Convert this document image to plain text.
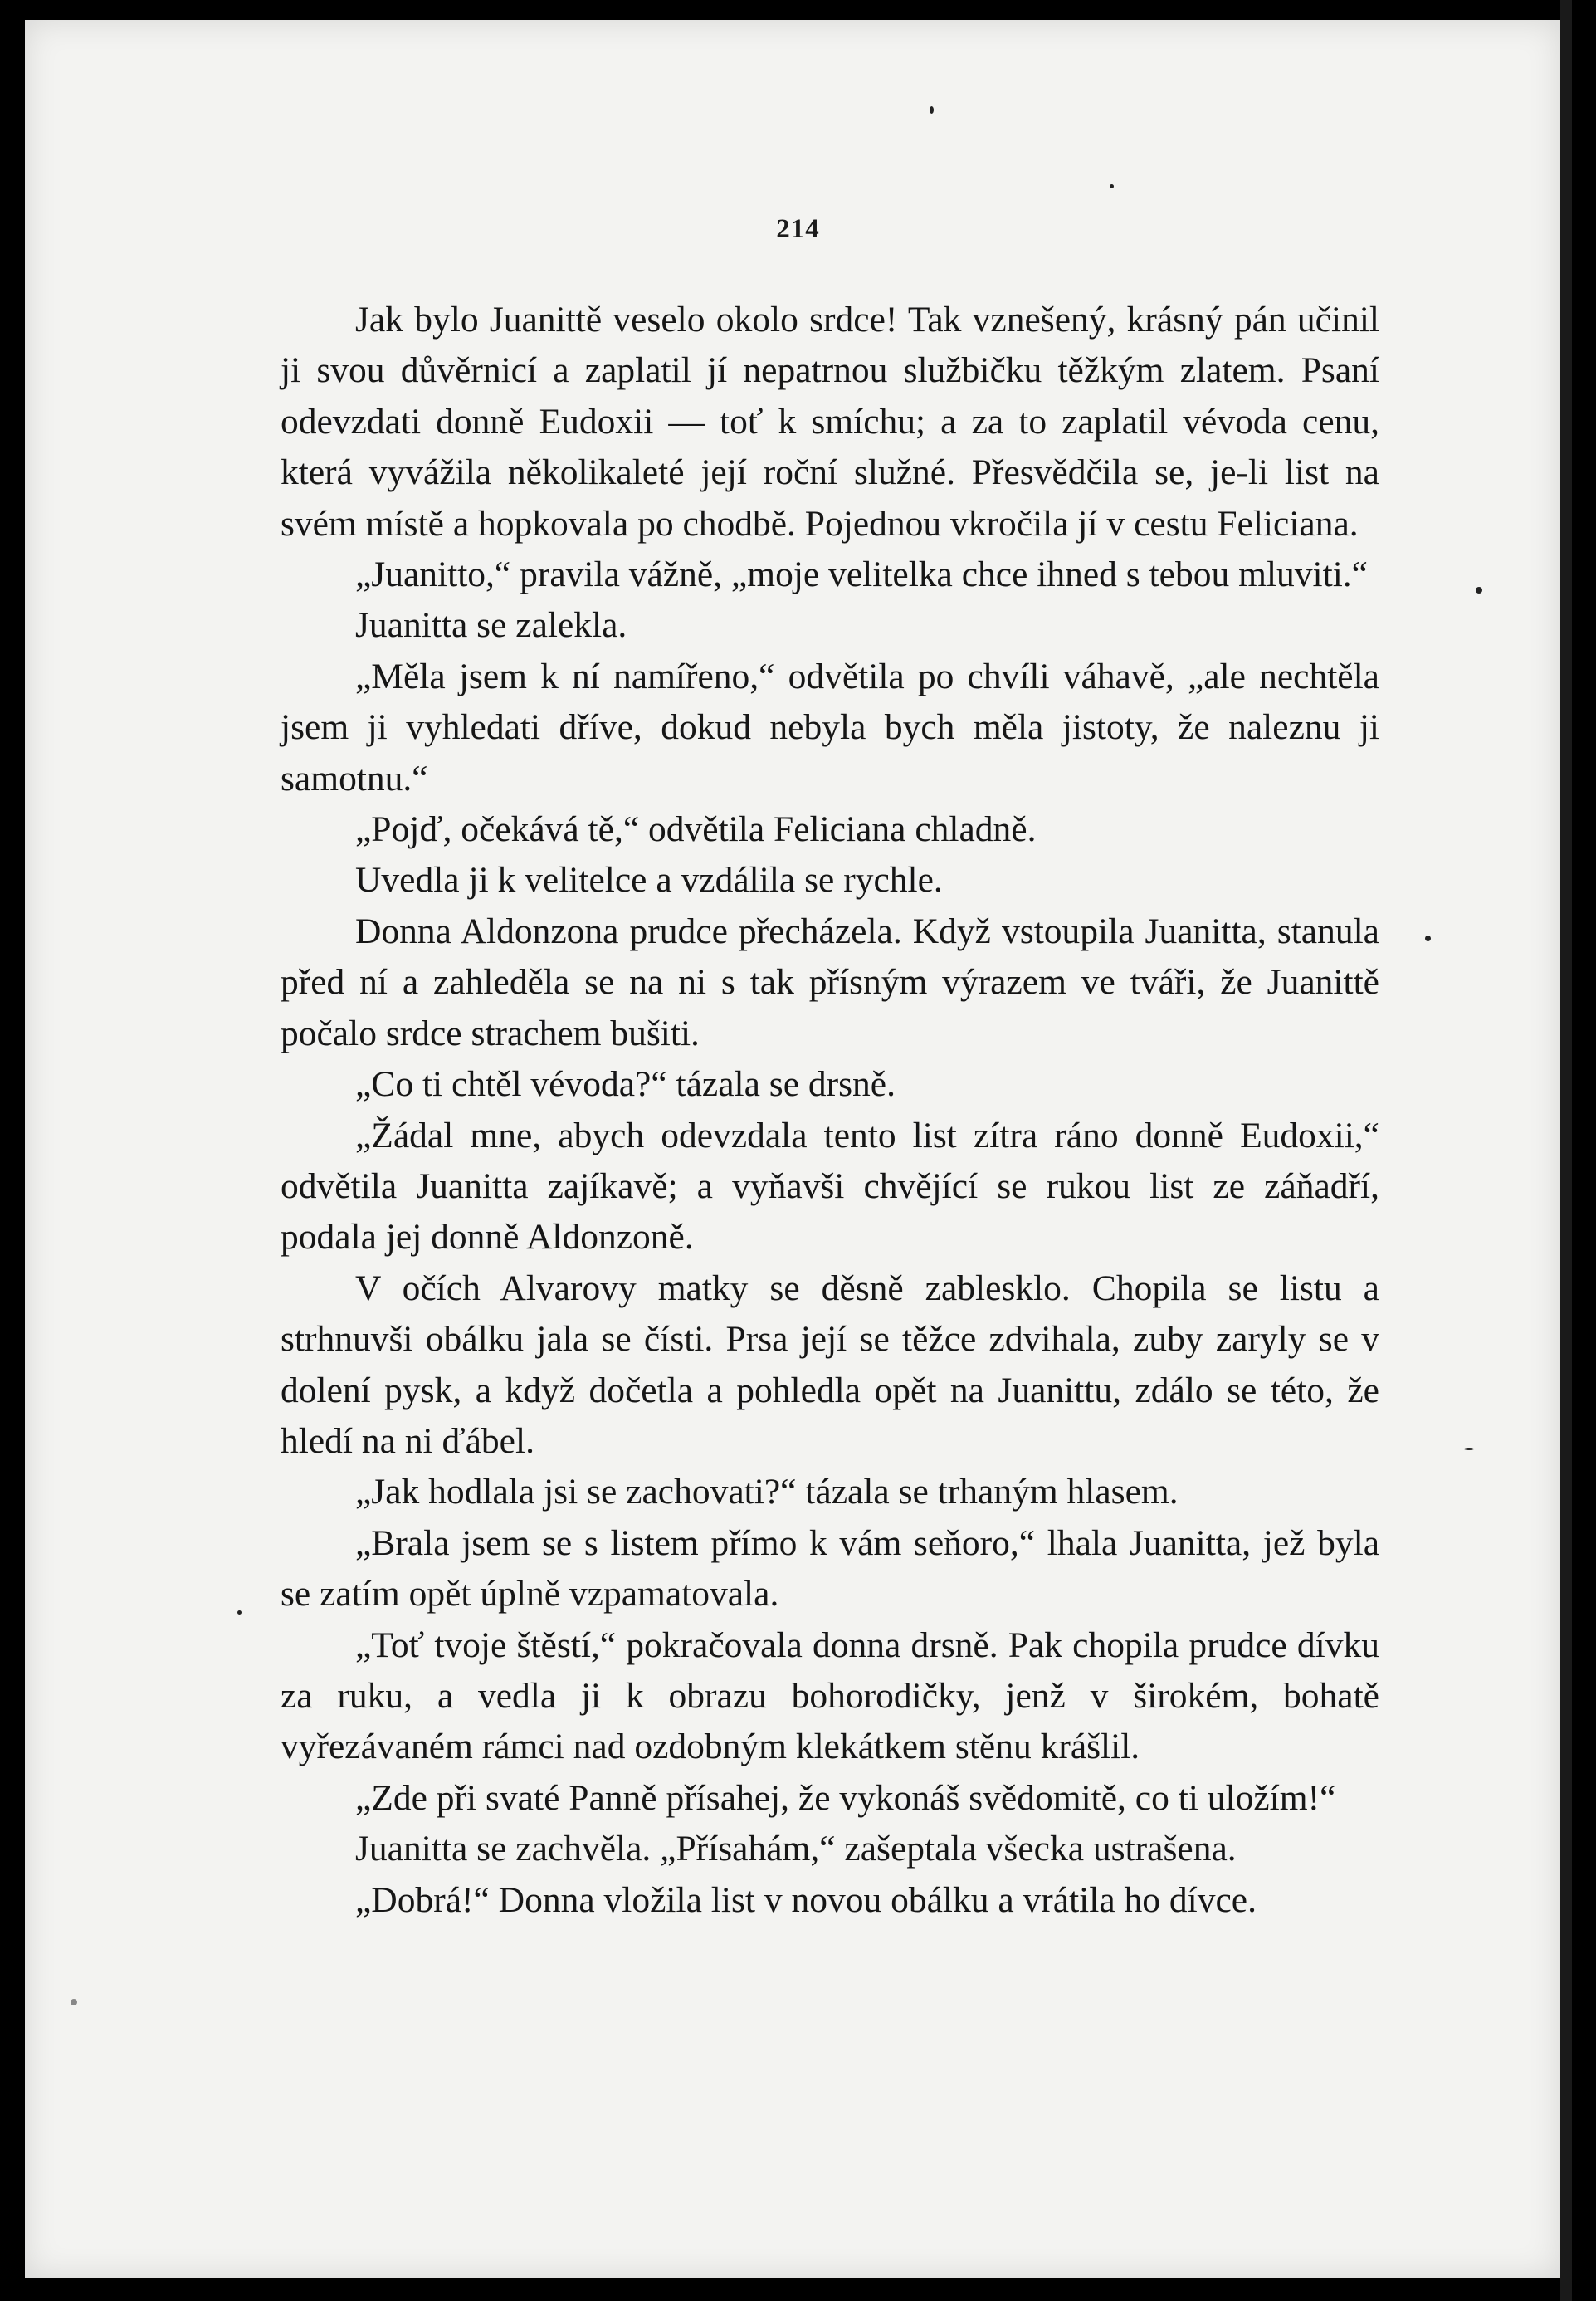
214

Jak bylo Juanittě veselo okolo srdce! Tak vznešený, krásný pán učinil ji svou důvěrnicí a zaplatil jí nepatrnou službičku těžkým zlatem. Psaní odevzdati donně Eudoxii — toť k smíchu; a za to zaplatil vévoda cenu, která vyvážila několikaleté její roční služné. Přesvědčila se, je-li list na svém místě a hopkovala po chodbě. Pojednou vkročila jí v cestu Feliciana.

„Juanitto,“ pravila vážně, „moje velitelka chce ihned s tebou mluviti.“

Juanitta se zalekla.

„Měla jsem k ní namířeno,“ odvětila po chvíli váhavě, „ale nechtěla jsem ji vyhledati dříve, dokud nebyla bych měla jistoty, že naleznu ji samotnu.“

„Pojď, očekává tě,“ odvětila Feliciana chladně.

Uvedla ji k velitelce a vzdálila se rychle.

Donna Aldonzona prudce přecházela. Když vstoupila Juanitta, stanula před ní a zahleděla se na ni s tak přísným výrazem ve tváři, že Juanittě počalo srdce strachem bušiti.

„Co ti chtěl vévoda?“ tázala se drsně.

„Žádal mne, abych odevzdala tento list zítra ráno donně Eudoxii,“ odvětila Juanitta zajíkavě; a vyňavši chvějící se rukou list ze záňadří, podala jej donně Aldonzoně.

V očích Alvarovy matky se děsně zablesklo. Chopila se listu a strhnuvši obálku jala se čísti. Prsa její se těžce zdvihala, zuby zaryly se v dolení pysk, a když dočetla a pohledla opět na Juanittu, zdálo se této, že hledí na ni ďábel.

„Jak hodlala jsi se zachovati?“ tázala se trhaným hlasem.

„Brala jsem se s listem přímo k vám seňoro,“ lhala Juanitta, jež byla se zatím opět úplně vzpamatovala.

„Toť tvoje štěstí,“ pokračovala donna drsně. Pak chopila prudce dívku za ruku, a vedla ji k obrazu bohorodičky, jenž v širokém, bohatě vyřezávaném rámci nad ozdobným klekátkem stěnu krášlil.

„Zde při svaté Panně přísahej, že vykonáš svědomitě, co ti uložím!“

Juanitta se zachvěla. „Přísahám,“ zašeptala všecka ustrašena.

„Dobrá!“ Donna vložila list v novou obálku a vrátila ho dívce.
